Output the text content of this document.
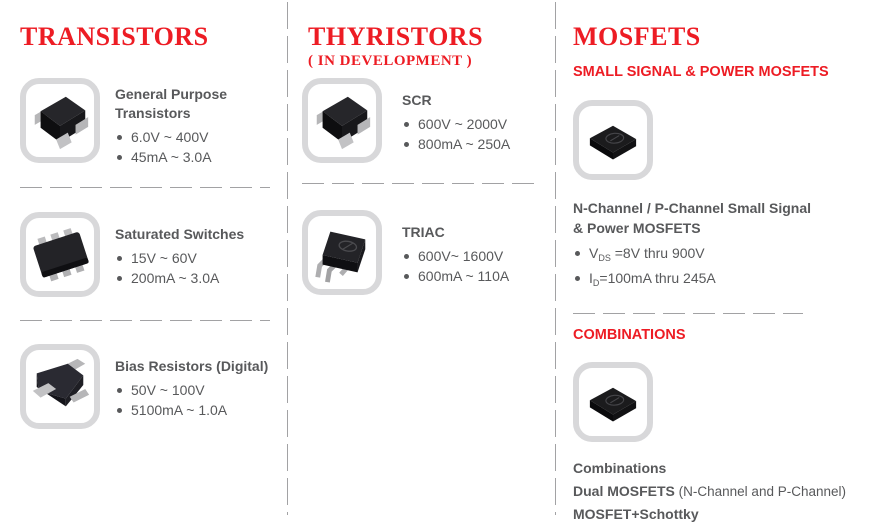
TRANSISTORS
General Purpose Transistors
6.0V ~ 400V
45mA ~ 3.0A
Saturated Switches
15V ~ 60V
200mA ~ 3.0A
Bias Resistors (Digital)
50V ~ 100V
5100mA ~ 1.0A
THYRISTORS
( IN DEVELOPMENT )
SCR
600V ~ 2000V
800mA ~ 250A
TRIAC
600V~ 1600V
600mA ~ 110A
MOSFETS
SMALL SIGNAL & POWER MOSFETS
N-Channel / P-Channel Small Signal
& Power MOSFETS
$V_{DS} =8V$ thru 900V
$I_D=100mA$ thru 245A
COMBINATIONS
Combinations
Dual MOSFETS (N-Channel and P-Channel)
MOSFET+Schottky
